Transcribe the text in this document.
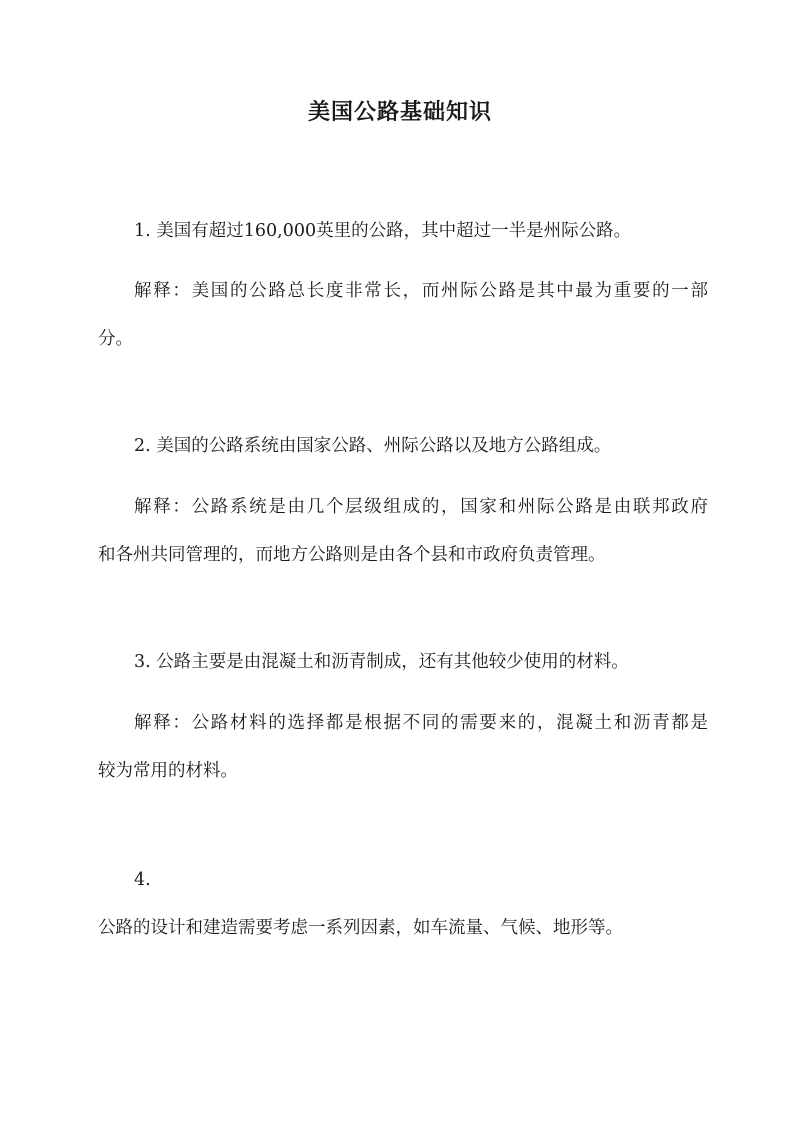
美国公路基础知识
1. 美国有超过160,000英里的公路，其中超过一半是州际公路。
解释：美国的公路总长度非常长，而州际公路是其中最为重要的一部
分。
2. 美国的公路系统由国家公路、州际公路以及地方公路组成。
解释：公路系统是由几个层级组成的，国家和州际公路是由联邦政府
和各州共同管理的，而地方公路则是由各个县和市政府负责管理。
3. 公路主要是由混凝土和沥青制成，还有其他较少使用的材料。
解释：公路材料的选择都是根据不同的需要来的，混凝土和沥青都是
较为常用的材料。
4.
公路的设计和建造需要考虑一系列因素，如车流量、气候、地形等。
